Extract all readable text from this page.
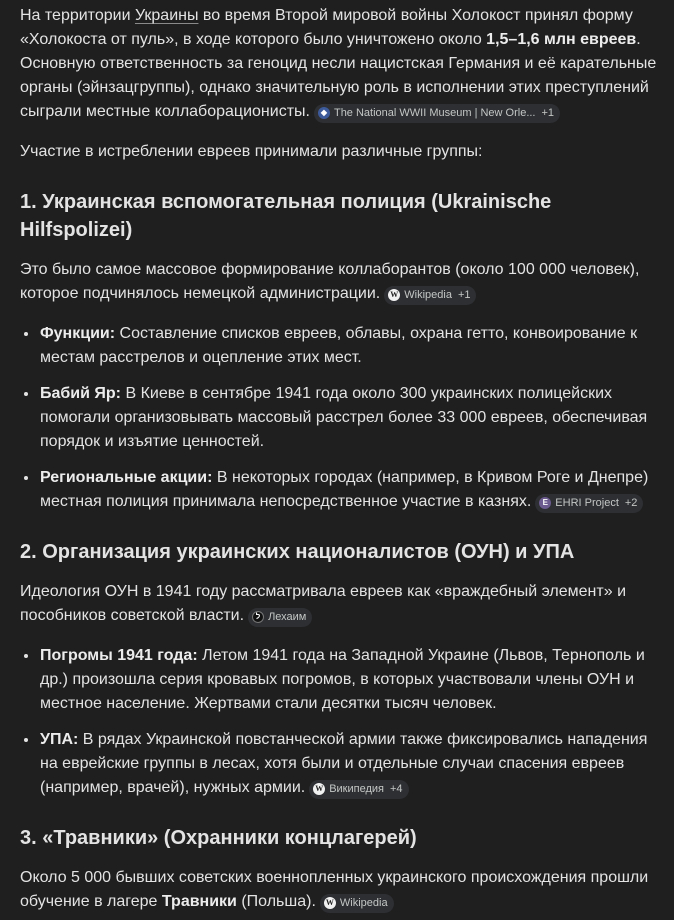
На территории Украины во время Второй мировой войны Холокост принял форму «Холокоста от пуль», в ходе которого было уничтожено около 1,5–1,6 млн евреев. Основную ответственность за геноцид несли нацистская Германия и её карательные органы (эйнзацгруппы), однако значительную роль в исполнении этих преступлений сыграли местные коллаборационисты.	◆ The National WWII Museum | New Orle... +1

Участие в истреблении евреев принимали различные группы:

1. Украинская вспомогательная полиция (Ukrainische Hilfspolizei)

Это было самое массовое формирование коллаборантов (около 100 000 человек), которое подчинялось немецкой администрации. W Wikipedia +1

• Функции: Составление списков евреев, облавы, охрана гетто, конвоирование к местам расстрелов и оцепление этих мест.
• Бабий Яр: В Киеве в сентябре 1941 года около 300 украинских полицейских помогали организовывать массовый расстрел более 33 000 евреев, обеспечивая порядок и изъятие ценностей.
• Региональные акции: В некоторых городах (например, в Кривом Роге и Днепре) местная полиция принимала непосредственное участие в казнях.	E EHRI Project +2
2. Организация украинских националистов (ОУН) и УПА

Идеология ОУН в 1941 году рассматривала евреев как «враждебный элемент» и пособников советской власти.	ל Лехаим

• Погромы 1941 года: Летом 1941 года на Западной Украине (Львов, Тернополь и др.) произошла серия кровавых погромов, в которых участвовали члены ОУН и местное население. Жертвами стали десятки тысяч человек.
• УПА: В рядах Украинской повстанческой армии также фиксировались нападения на еврейские группы в лесах, хотя были и отдельные случаи спасения евреев (например, врачей), нужных армии. W Википедия +4
3. «Травники» (Охранники концлагерей)

Около 5 000 бывших советских военнопленных украинского происхождения прошли обучение в лагере Травники (Польша). W Wikipedia
